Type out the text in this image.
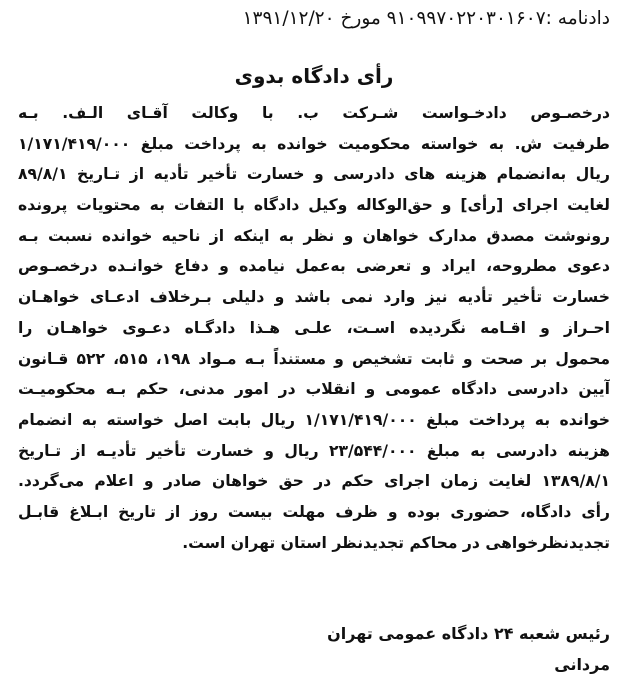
دادنامه :۹۱۰۹۹۷۰۲۲۰۳۰۱۶۰۷ مورخ ۱۳۹۱/۱۲/۲۰
رأی دادگاه بدوی
درخصـوص دادخـواست شـرکت ب. با وکالت آقـای الـف. بـه
طرفیت ش. به خواسته محکومیت خوانده به پرداخت مبلغ ۱/۱۷۱/۴۱۹/۰۰۰
ریال به‌انضمام هزینه های دادرسی و خسارت تأخیر تأدیه از تـاریخ ۸۹/۸/۱
لغایت اجرای [رأی] و حق‌الوکاله وکیل دادگاه با التفات به محتویات پرونده
رونوشت مصدق مدارک خواهان و نظر به اینکه از ناحیه خوانده نسبت بـه
دعوی مطروحه، ایراد و تعرضی به‌عمل نیامده و دفاع خوانـده درخصـوص
خسارت تأخیر تأدیه نیز وارد نمی باشد و دلیلی بـرخلاف ادعـای خواهـان
احـراز و اقـامه نگردیده اسـت، علـی هـذا دادگـاه دعـوی خواهـان را
محمول بر صحت و ثابت تشخیص و مستنداً بـه مـواد ۱۹۸، ۵۱۵، ۵۲۲ قـانون
آیین دادرسی دادگاه عمومی و انقلاب در امور مدنی، حکم بـه محکومیـت
خوانده به پرداخت مبلغ ۱/۱۷۱/۴۱۹/۰۰۰ ریال بابت اصل خواسته به انضمام
هزینه دادرسی به مبلغ ۲۳/۵۴۴/۰۰۰ ریال و خسارت تأخیر تأدیـه از تـاریخ
۱۳۸۹/۸/۱ لغایت زمان اجرای حکم در حق خواهان صادر و اعلام می‌گردد.
رأی دادگاه، حضوری بوده و ظرف مهلت بیست روز از تاریخ ابـلاغ قابـل
تجدیدنظرخواهی در محاکم تجدیدنظر استان تهران است.
رئیس شعبه ۲۴ دادگاه عمومی تهران
مردانی
